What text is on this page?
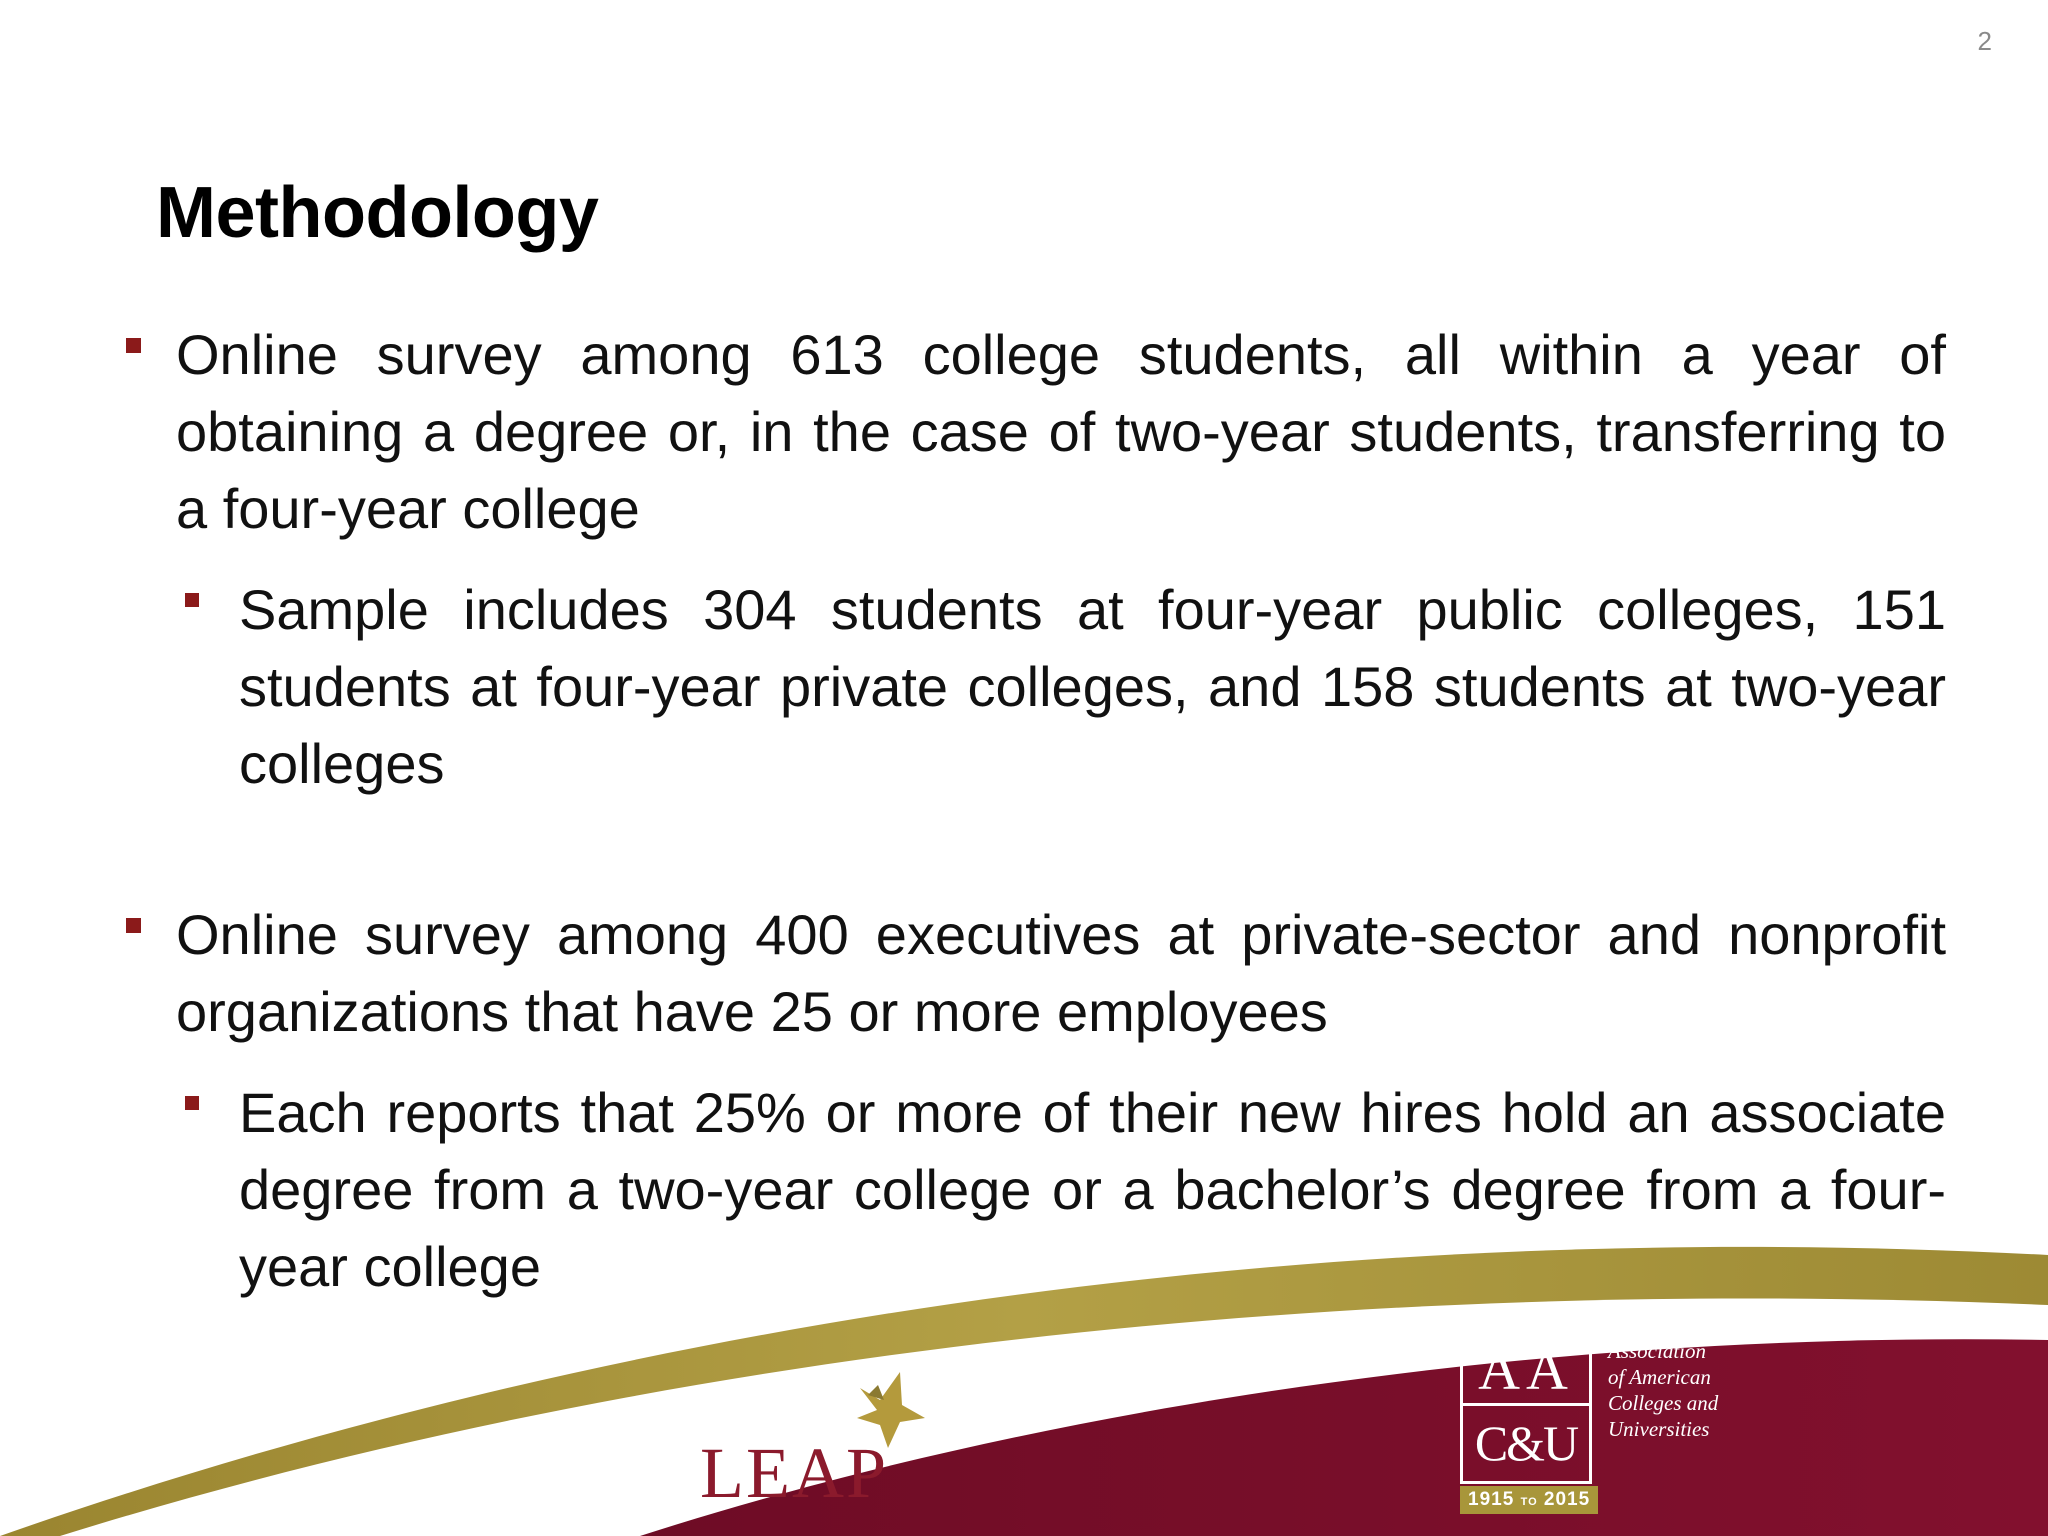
LEAP
AA
C&U
Association
of American
Colleges and
Universities
1915 TO 2015
2
Methodology

Online survey among 613 college students, all within a year of obtaining a degree or, in the case of two-year students, transferring to a four-year college

Sample includes 304 students at four-year public colleges, 151 students at four-year private colleges, and 158 students at two-year colleges

Online survey among 400 executives at private-sector and nonprofit organizations that have 25 or more employees

Each reports that 25% or more of their new hires hold an associate degree from a two-year college or a bachelor’s degree from a four-year college
